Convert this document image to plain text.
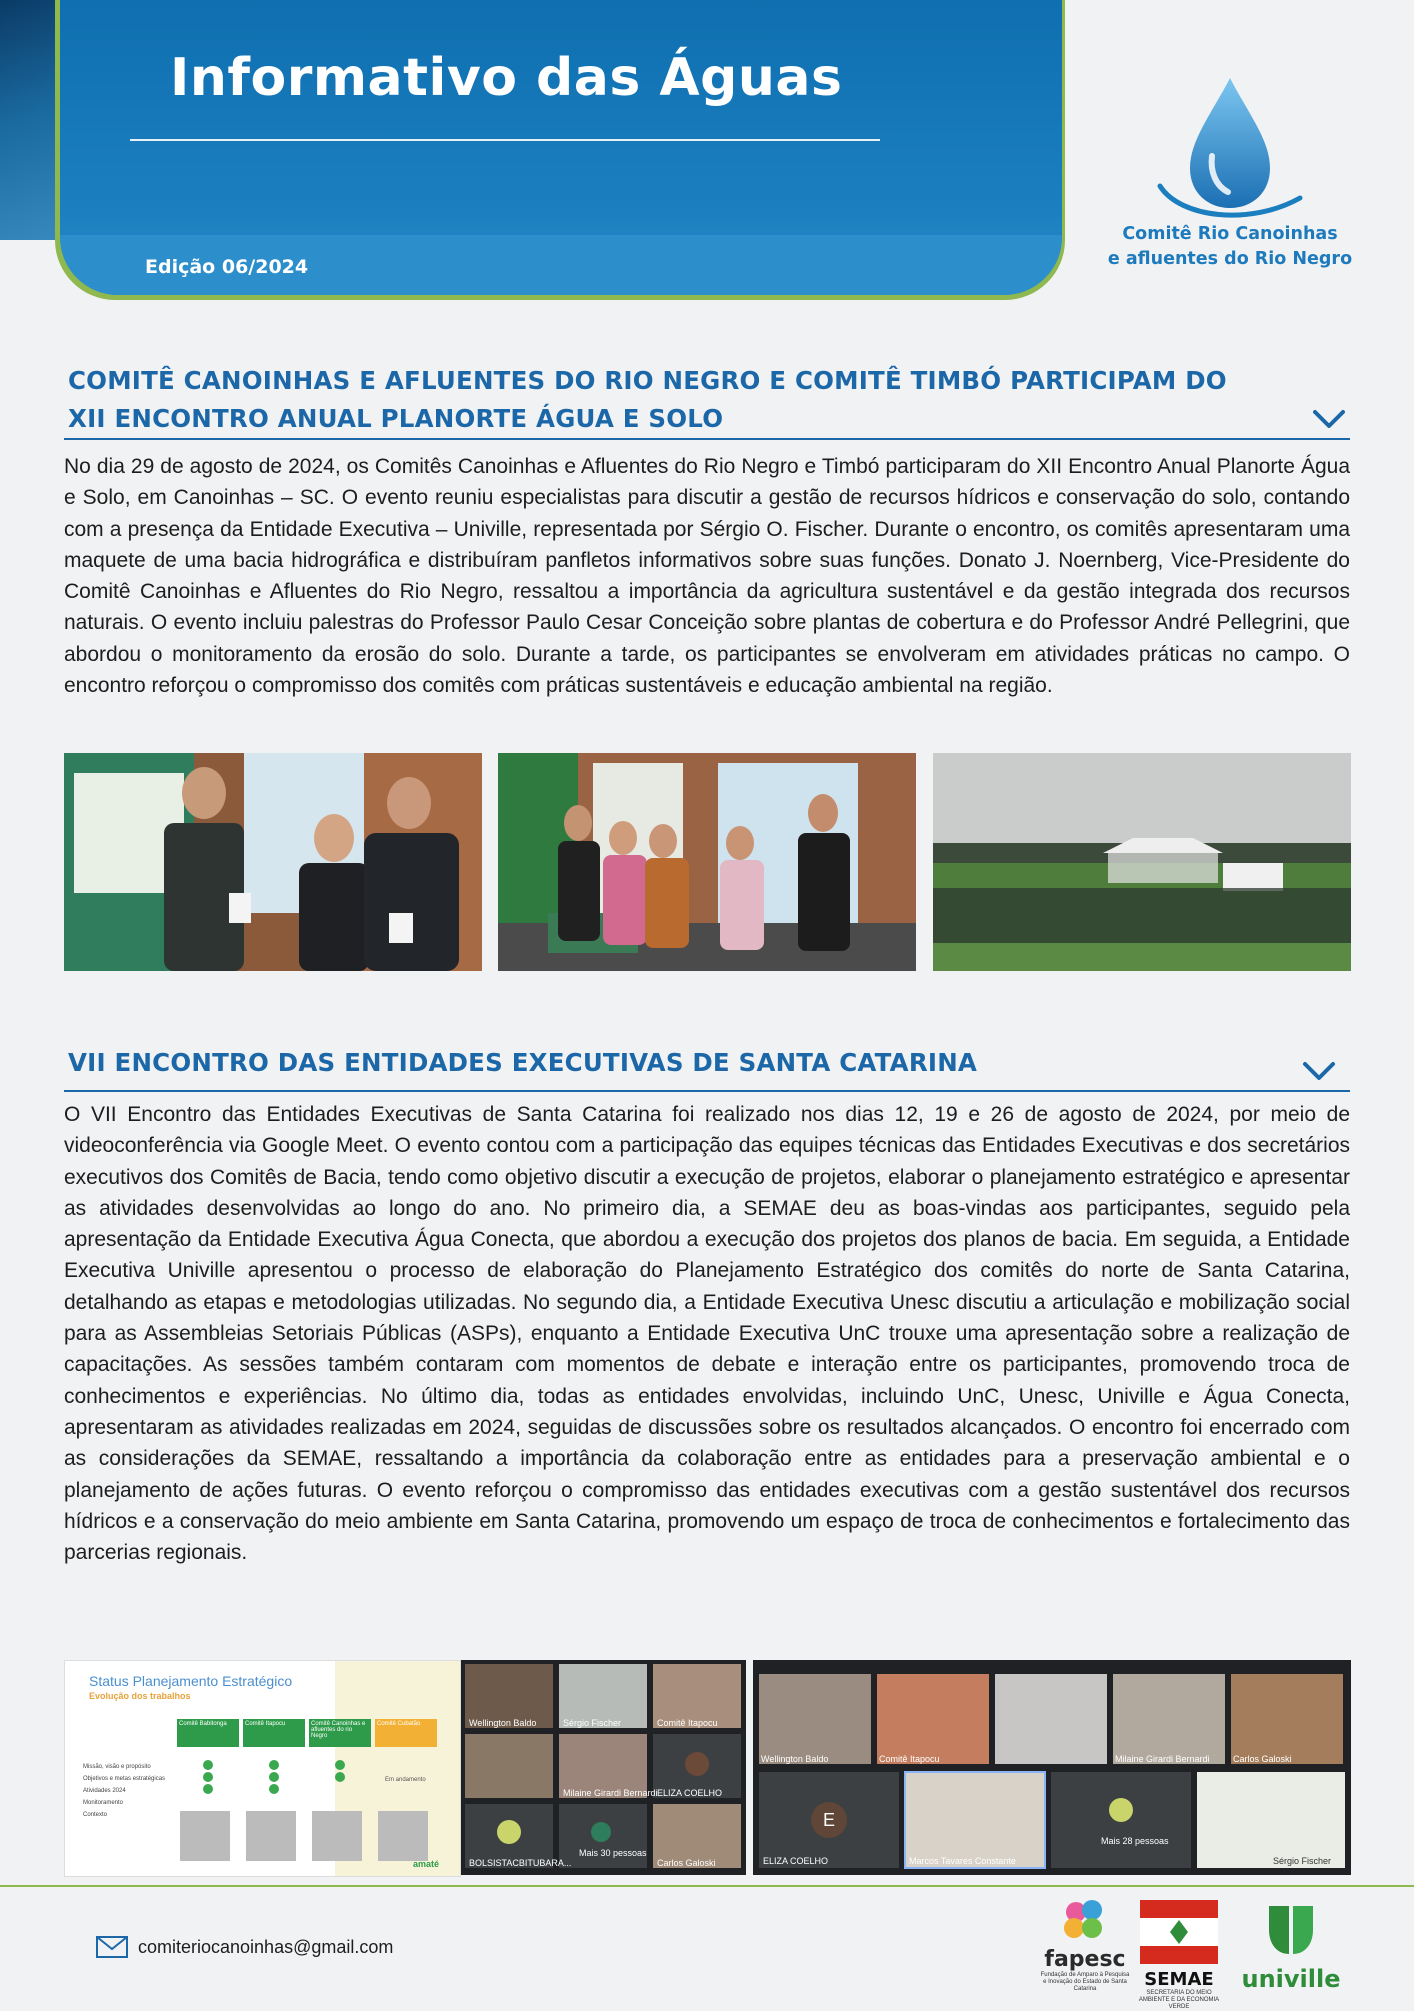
Informativo das Águas
Edição 06/2024
Comitê Rio Canoinhas
e afluentes do Rio Negro
COMITÊ CANOINHAS E AFLUENTES DO RIO NEGRO E COMITÊ TIMBÓ PARTICIPAM DO
XII ENCONTRO ANUAL PLANORTE ÁGUA E SOLO

No dia 29 de agosto de 2024, os Comitês Canoinhas e Afluentes do Rio Negro e Timbó participaram do XII Encontro Anual Planorte Água e Solo, em Canoinhas – SC. O evento reuniu especialistas para discutir a gestão de recursos hídricos e conservação do solo, contando com a presença da Entidade Executiva – Univille, representada por Sérgio O. Fischer. Durante o encontro, os comitês apresentaram uma maquete de uma bacia hidrográfica e distribuíram panfletos informativos sobre suas funções. Donato J. Noernberg, Vice-Presidente do Comitê Canoinhas e Afluentes do Rio Negro, ressaltou a importância da agricultura sustentável e da gestão integrada dos recursos naturais. O evento incluiu palestras do Professor Paulo Cesar Conceição sobre plantas de cobertura e do Professor André Pellegrini, que abordou o monitoramento da erosão do solo. Durante a tarde, os participantes se envolveram em atividades práticas no campo. O encontro reforçou o compromisso dos comitês com práticas sustentáveis e educação ambiental na região.

VII ENCONTRO DAS ENTIDADES EXECUTIVAS DE SANTA CATARINA

O VII Encontro das Entidades Executivas de Santa Catarina foi realizado nos dias 12, 19 e 26 de agosto de 2024, por meio de videoconferência via Google Meet. O evento contou com a participação das equipes técnicas das Entidades Executivas e dos secretários executivos dos Comitês de Bacia, tendo como objetivo discutir a execução de projetos, elaborar o planejamento estratégico e apresentar as atividades desenvolvidas ao longo do ano. No primeiro dia, a SEMAE deu as boas-vindas aos participantes, seguido pela apresentação da Entidade Executiva Água Conecta, que abordou a execução dos projetos dos planos de bacia. Em seguida, a Entidade Executiva Univille apresentou o processo de elaboração do Planejamento Estratégico dos comitês do norte de Santa Catarina, detalhando as etapas e metodologias utilizadas. No segundo dia, a Entidade Executiva Unesc discutiu a articulação e mobilização social para as Assembleias Setoriais Públicas (ASPs), enquanto a Entidade Executiva UnC trouxe uma apresentação sobre a realização de capacitações. As sessões também contaram com momentos de debate e interação entre os participantes, promovendo troca de conhecimentos e experiências. No último dia, todas as entidades envolvidas, incluindo UnC, Unesc, Univille e Água Conecta, apresentaram as atividades realizadas em 2024, seguidas de discussões sobre os resultados alcançados. O encontro foi encerrado com as considerações da SEMAE, ressaltando a importância da colaboração entre as entidades para a preservação ambiental e o planejamento de ações futuras. O evento reforçou o compromisso das entidades executivas com a gestão sustentável dos recursos hídricos e a conservação do meio ambiente em Santa Catarina, promovendo um espaço de troca de conhecimentos e fortalecimento das parcerias regionais.

Status Planejamento Estratégico
Evolução dos trabalhos
Comitê Babitonga	Comitê Itapocu	Comitê Canoinhas e afluentes do rio Negro
Comitê Cubatão
Missão, visão e propósito
Objetivos e metas estratégicas
Atividades 2024
Monitoramento
Contexto
Em andamento
amaté
Wellington Baldo	Sérgio Fischer	Comitê Itapocu
Milaine Girardi Bernardi ELIZA COELHO
BOLSISTACBITUBARA...
Mais 30 pessoas
Carlos Galoski
E
Wellington Baldo	Comitê Itapocu	Milaine Girardi Bernardi	Carlos Galoski
ELIZA COELHO	Marcos Tavares Constante
Mais 28 pessoas
Sérgio Fischer
comiteriocanoinhas@gmail.com
fapesc
Fundação de Amparo à Pesquisa e Inovação do Estado de Santa Catarina	SEMAE
SECRETARIA DO MEIO AMBIENTE E DA ECONOMIA VERDE
univille
